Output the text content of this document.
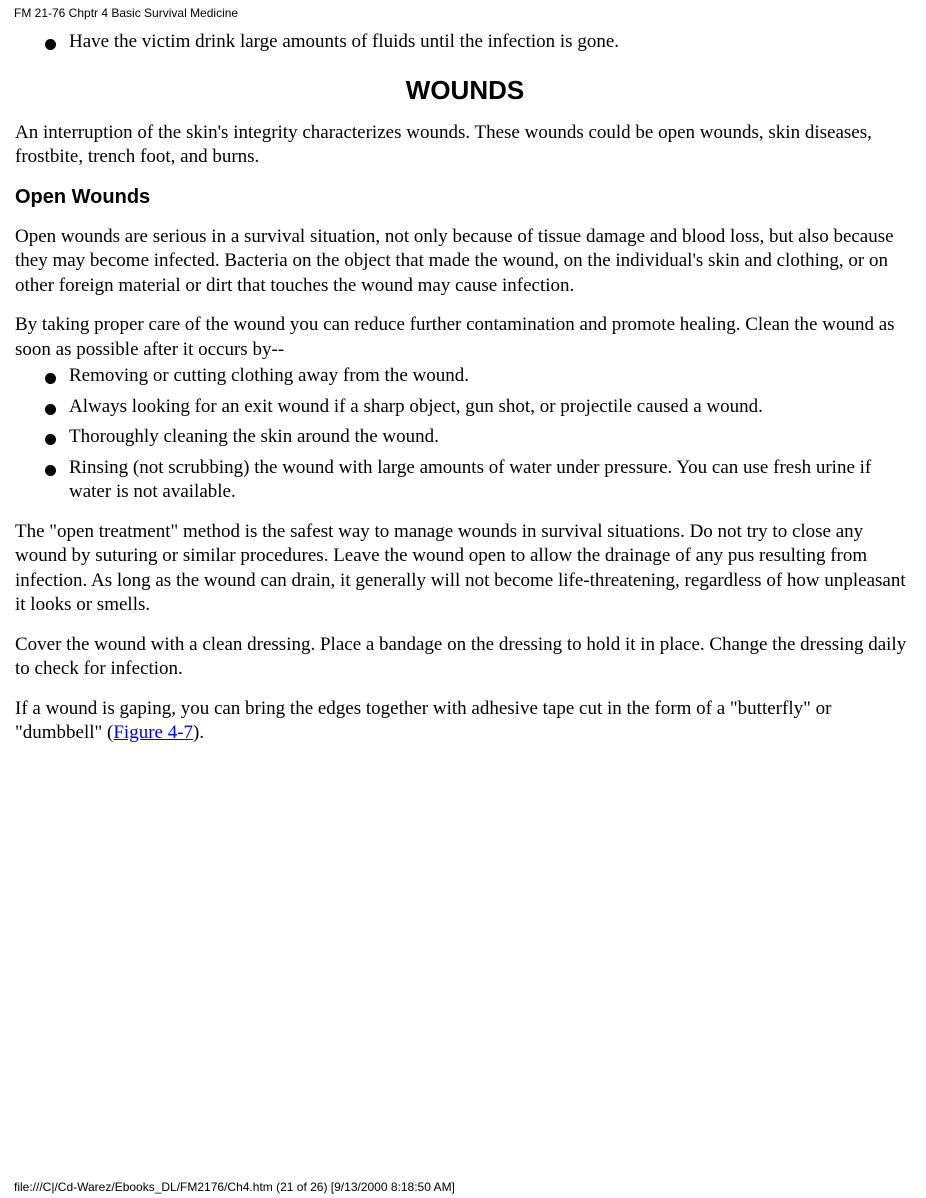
FM 21-76 Chptr 4 Basic Survival Medicine
Have the victim drink large amounts of fluids until the infection is gone.
WOUNDS

An interruption of the skin's integrity characterizes wounds. These wounds could be open wounds, skin diseases, frostbite, trench foot, and burns.

Open Wounds

Open wounds are serious in a survival situation, not only because of tissue damage and blood loss, but also because they may become infected. Bacteria on the object that made the wound, on the individual's skin and clothing, or on other foreign material or dirt that touches the wound may cause infection.

By taking proper care of the wound you can reduce further contamination and promote healing. Clean the wound as soon as possible after it occurs by--

Removing or cutting clothing away from the wound.
Always looking for an exit wound if a sharp object, gun shot, or projectile caused a wound.
Thoroughly cleaning the skin around the wound.
Rinsing (not scrubbing) the wound with large amounts of water under pressure. You can use fresh urine if water is not available.

The "open treatment" method is the safest way to manage wounds in survival situations. Do not try to close any wound by suturing or similar procedures. Leave the wound open to allow the drainage of any pus resulting from infection. As long as the wound can drain, it generally will not become life-threatening, regardless of how unpleasant it looks or smells.

Cover the wound with a clean dressing. Place a bandage on the dressing to hold it in place. Change the dressing daily to check for infection.

If a wound is gaping, you can bring the edges together with adhesive tape cut in the form of a "butterfly" or "dumbbell" (Figure 4-7).

file:///C|/Cd-Warez/Ebooks_DL/FM2176/Ch4.htm (21 of 26) [9/13/2000 8:18:50 AM]
